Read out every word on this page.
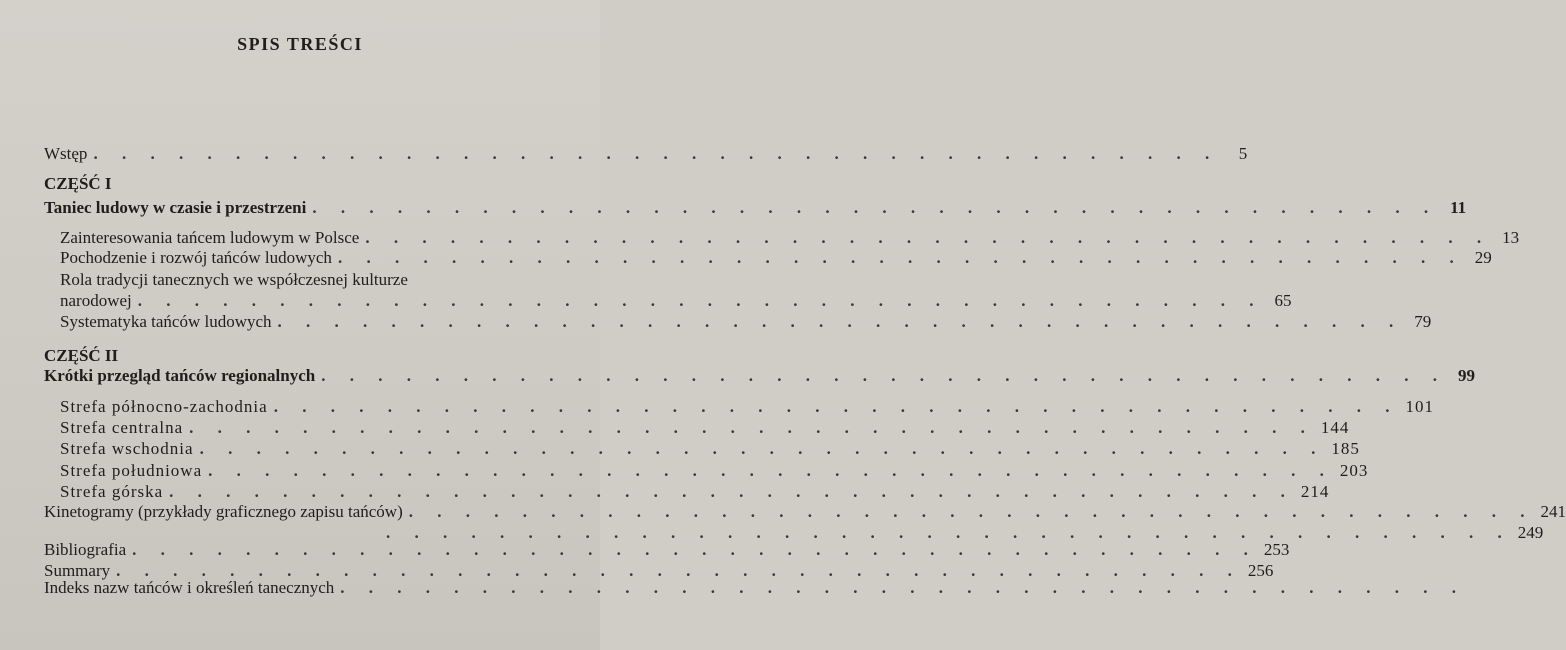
SPIS TREŚCI
Wstęp . . . . . . . . . . . . . . . . . . . . . . . . . . . . . . . . . . . . . . . .	5
CZĘŚĆ I
Taniec ludowy w czasie i przestrzeni . . . . . . . . . . . . . . . . . . . . . . . . . . . . . . . . . . . . . . . . 11
Zainteresowania tańcem ludowym w Polsce . . . . . . . . . . . . . . . . . . . . . . . . . . . . . . . . . . . . . . . . 13
Pochodzenie i rozwój tańców ludowych . . . . . . . . . . . . . . . . . . . . . . . . . . . . . . . . . . . . . . . . 29
Rola tradycji tanecznych we współczesnej kulturze
narodowej . . . . . . . . . . . . . . . . . . . . . . . . . . . . . . . . . . . . . . . . 65
Systematyka tańców ludowych . . . . . . . . . . . . . . . . . . . . . . . . . . . . . . . . . . . . . . . . 79
CZĘŚĆ II
Krótki przegląd tańców regionalnych . . . . . . . . . . . . . . . . . . . . . . . . . . . . . . . . . . . . . . . . 99
Strefa północno-zachodnia . . . . . . . . . . . . . . . . . . . . . . . . . . . . . . . . . . . . . . . . 101
Strefa centralna . . . . . . . . . . . . . . . . . . . . . . . . . . . . . . . . . . . . . . . . 144
Strefa wschodnia . . . . . . . . . . . . . . . . . . . . . . . . . . . . . . . . . . . . . . . . 185
Strefa południowa . . . . . . . . . . . . . . . . . . . . . . . . . . . . . . . . . . . . . . . . 203
Strefa górska . . . . . . . . . . . . . . . . . . . . . . . . . . . . . . . . . . . . . . . . 214
Kinetogramy (przykłady graficznego zapisu tańców) . . . . . . . . . . . . . . . . . . . . . . . . . . . . . . . . . . . . . . . . 241
. . . . . . . . . . . . . . . . . . . . . . . . . . . . . . . . . . . . . . . . 249
Bibliografia . . . . . . . . . . . . . . . . . . . . . . . . . . . . . . . . . . . . . . . . 253
Summary . . . . . . . . . . . . . . . . . . . . . . . . . . . . . . . . . . . . . . . . 256
Indeks nazw tańców i określeń tanecznych . . . . . . . . . . . . . . . . . . . . . . . . . . . . . . . . . . . . . . . .
